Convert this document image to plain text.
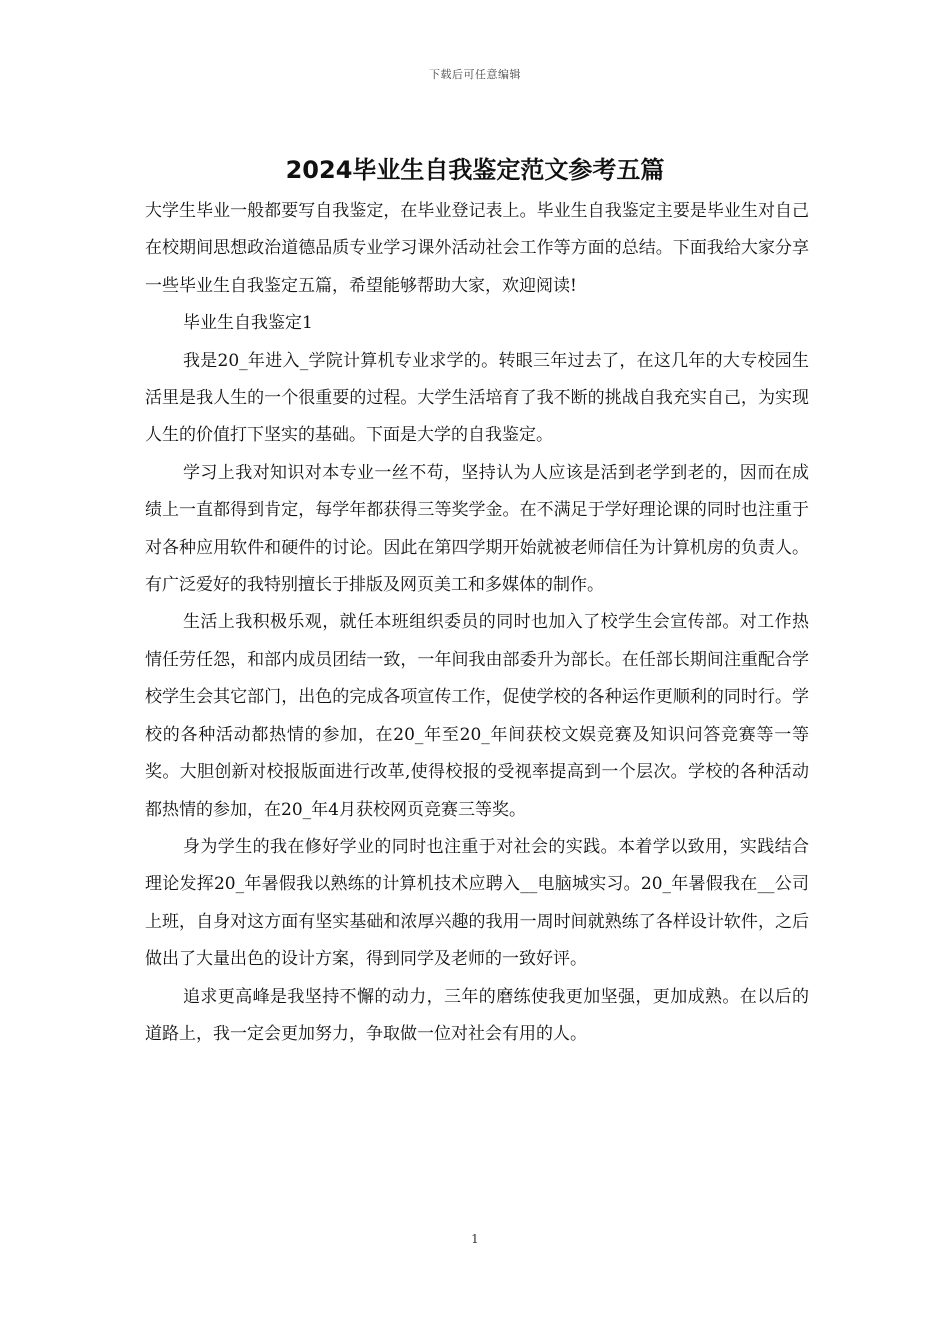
下载后可任意编辑
2024毕业生自我鉴定范文参考五篇

大学生毕业一般都要写自我鉴定，在毕业登记表上。毕业生自我鉴定主要是毕业生对自己在校期间思想政治道德品质专业学习课外活动社会工作等方面的总结。下面我给大家分享一些毕业生自我鉴定五篇，希望能够帮助大家，欢迎阅读!

毕业生自我鉴定1

我是20_年进入_学院计算机专业求学的。转眼三年过去了，在这几年的大专校园生活里是我人生的一个很重要的过程。大学生活培育了我不断的挑战自我充实自己，为实现人生的价值打下坚实的基础。下面是大学的自我鉴定。

学习上我对知识对本专业一丝不苟，坚持认为人应该是活到老学到老的，因而在成绩上一直都得到肯定，每学年都获得三等奖学金。在不满足于学好理论课的同时也注重于对各种应用软件和硬件的讨论。因此在第四学期开始就被老师信任为计算机房的负责人。有广泛爱好的我特别擅长于排版及网页美工和多媒体的制作。

生活上我积极乐观，就任本班组织委员的同时也加入了校学生会宣传部。对工作热情任劳任怨，和部内成员团结一致，一年间我由部委升为部长。在任部长期间注重配合学校学生会其它部门，出色的完成各项宣传工作，促使学校的各种运作更顺利的同时行。学校的各种活动都热情的参加，在20_年至20_年间获校文娱竞赛及知识问答竞赛等一等奖。大胆创新对校报版面进行改革,使得校报的受视率提高到一个层次。学校的各种活动都热情的参加，在20_年4月获校网页竞赛三等奖。

身为学生的我在修好学业的同时也注重于对社会的实践。本着学以致用，实践结合理论发挥20_年暑假我以熟练的计算机技术应聘入__电脑城实习。20_年暑假我在__公司上班，自身对这方面有坚实基础和浓厚兴趣的我用一周时间就熟练了各样设计软件，之后做出了大量出色的设计方案，得到同学及老师的一致好评。

追求更高峰是我坚持不懈的动力，三年的磨练使我更加坚强，更加成熟。在以后的道路上，我一定会更加努力，争取做一位对社会有用的人。

1
